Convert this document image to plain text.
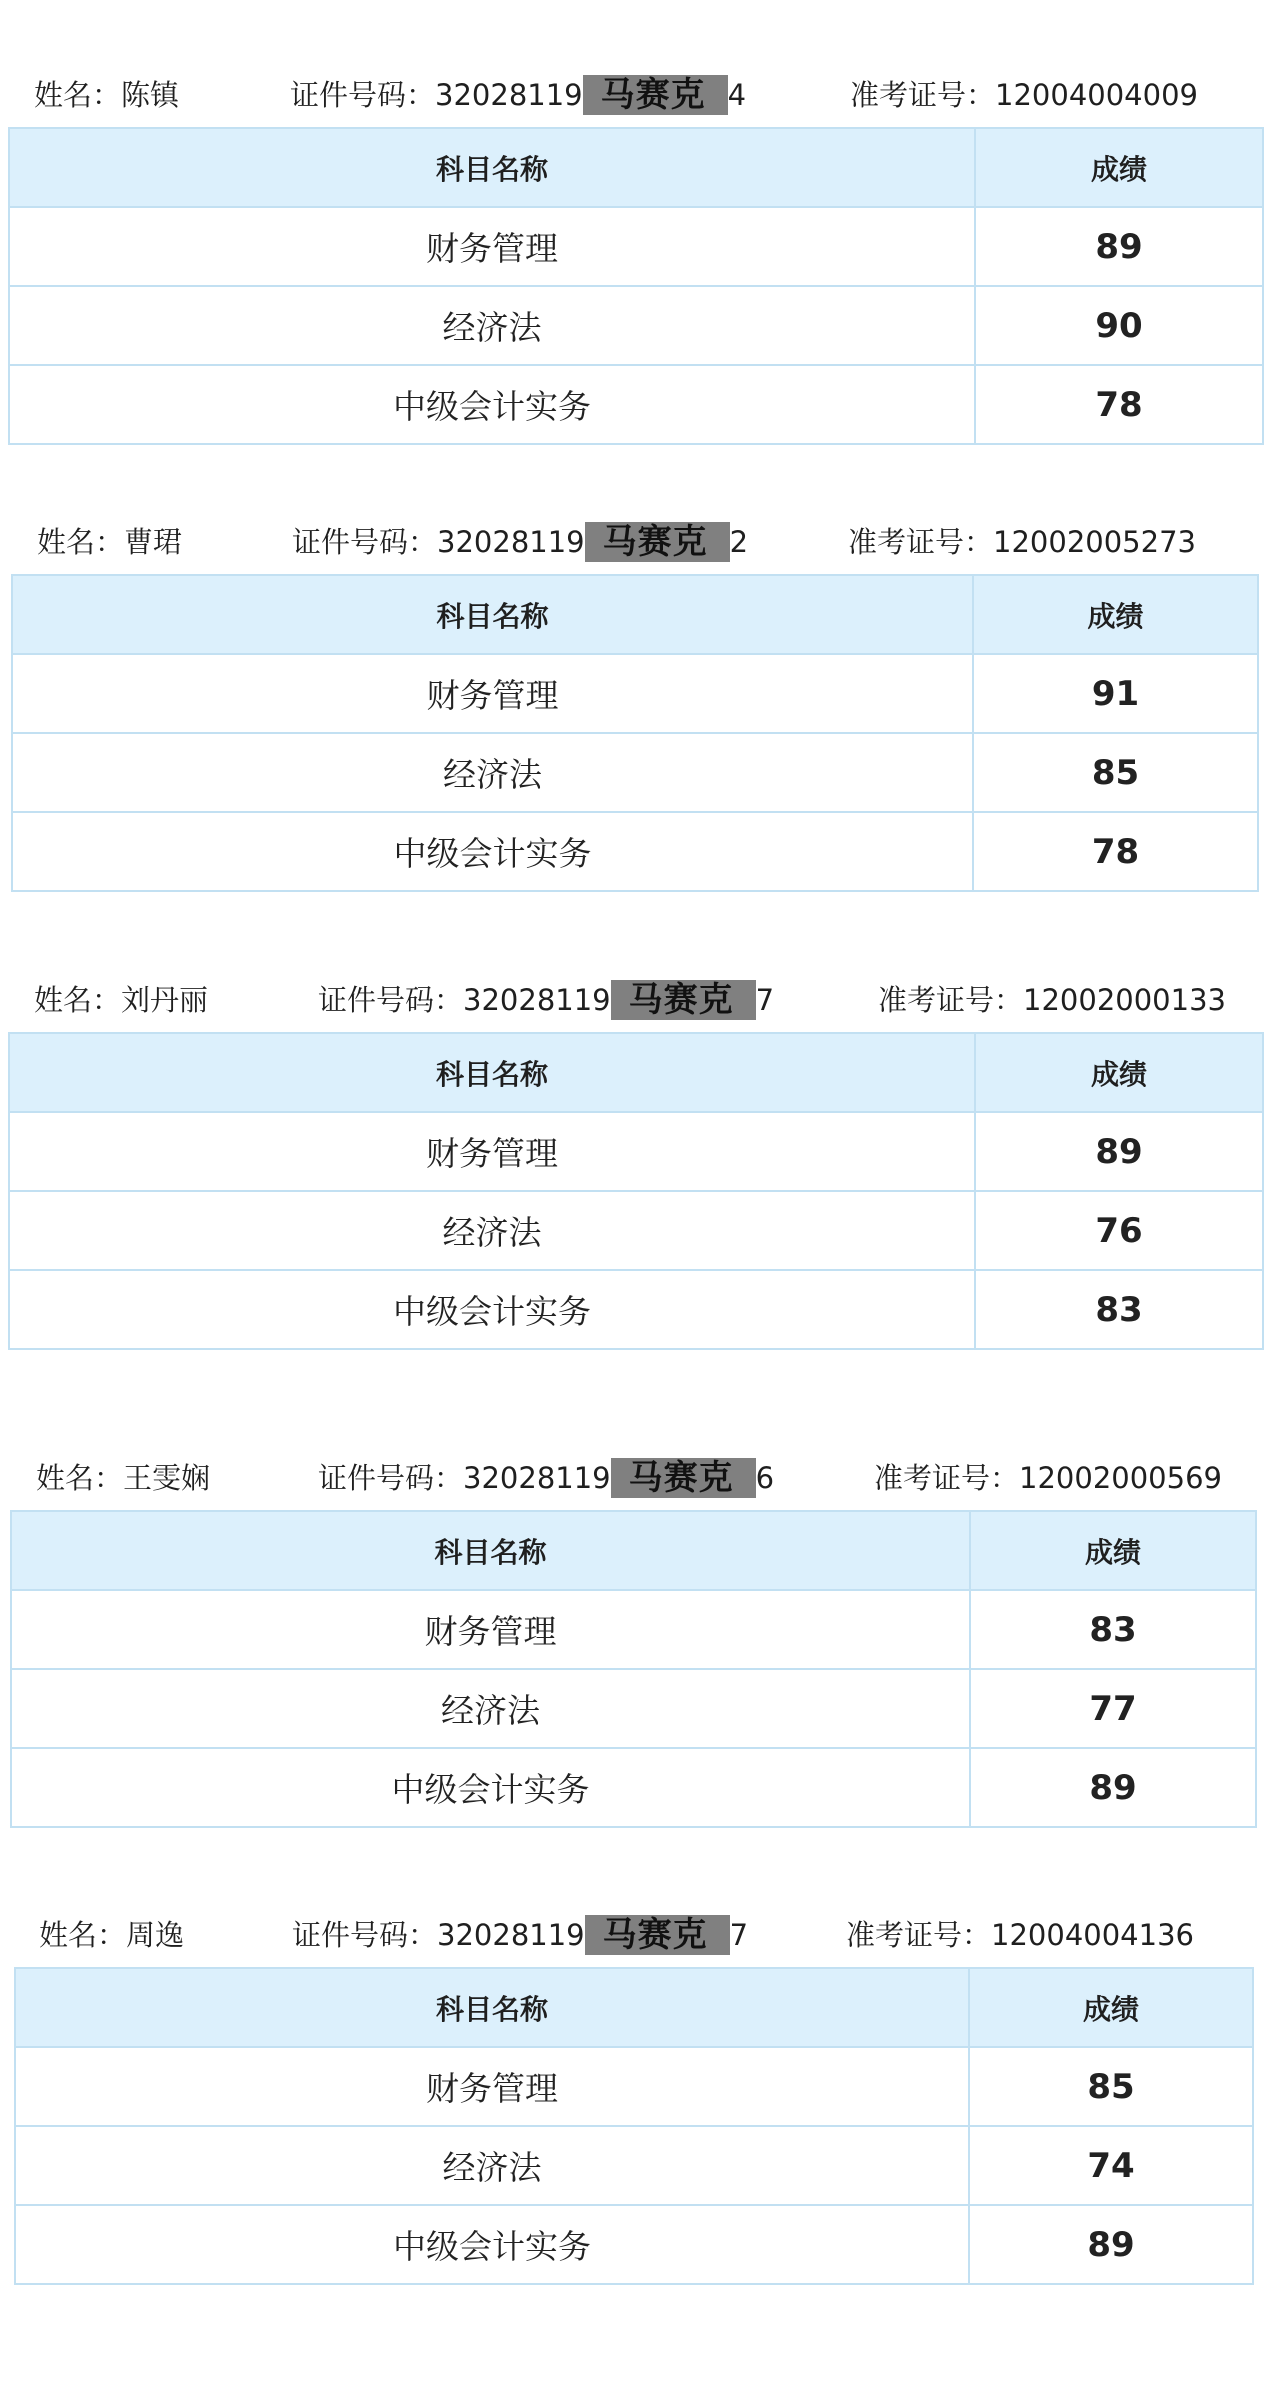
姓名：陈镇	证件号码：32028119 马赛克 4	准考证号：12004004009
科目名称	成绩
财务管理	89
经济法	90
中级会计实务	78
姓名：曹珺	证件号码：32028119 马赛克 2	准考证号：12002005273
科目名称	成绩
财务管理	91
经济法	85
中级会计实务	78
姓名：刘丹丽	证件号码：32028119 马赛克 7	准考证号：12002000133
科目名称	成绩
财务管理	89
经济法	76
中级会计实务	83
姓名：王雯娴	证件号码：32028119 马赛克 6	准考证号：12002000569
科目名称	成绩
财务管理	83
经济法	77
中级会计实务	89
姓名：周逸	证件号码：32028119 马赛克 7	准考证号：12004004136
科目名称	成绩
财务管理	85
经济法	74
中级会计实务	89
